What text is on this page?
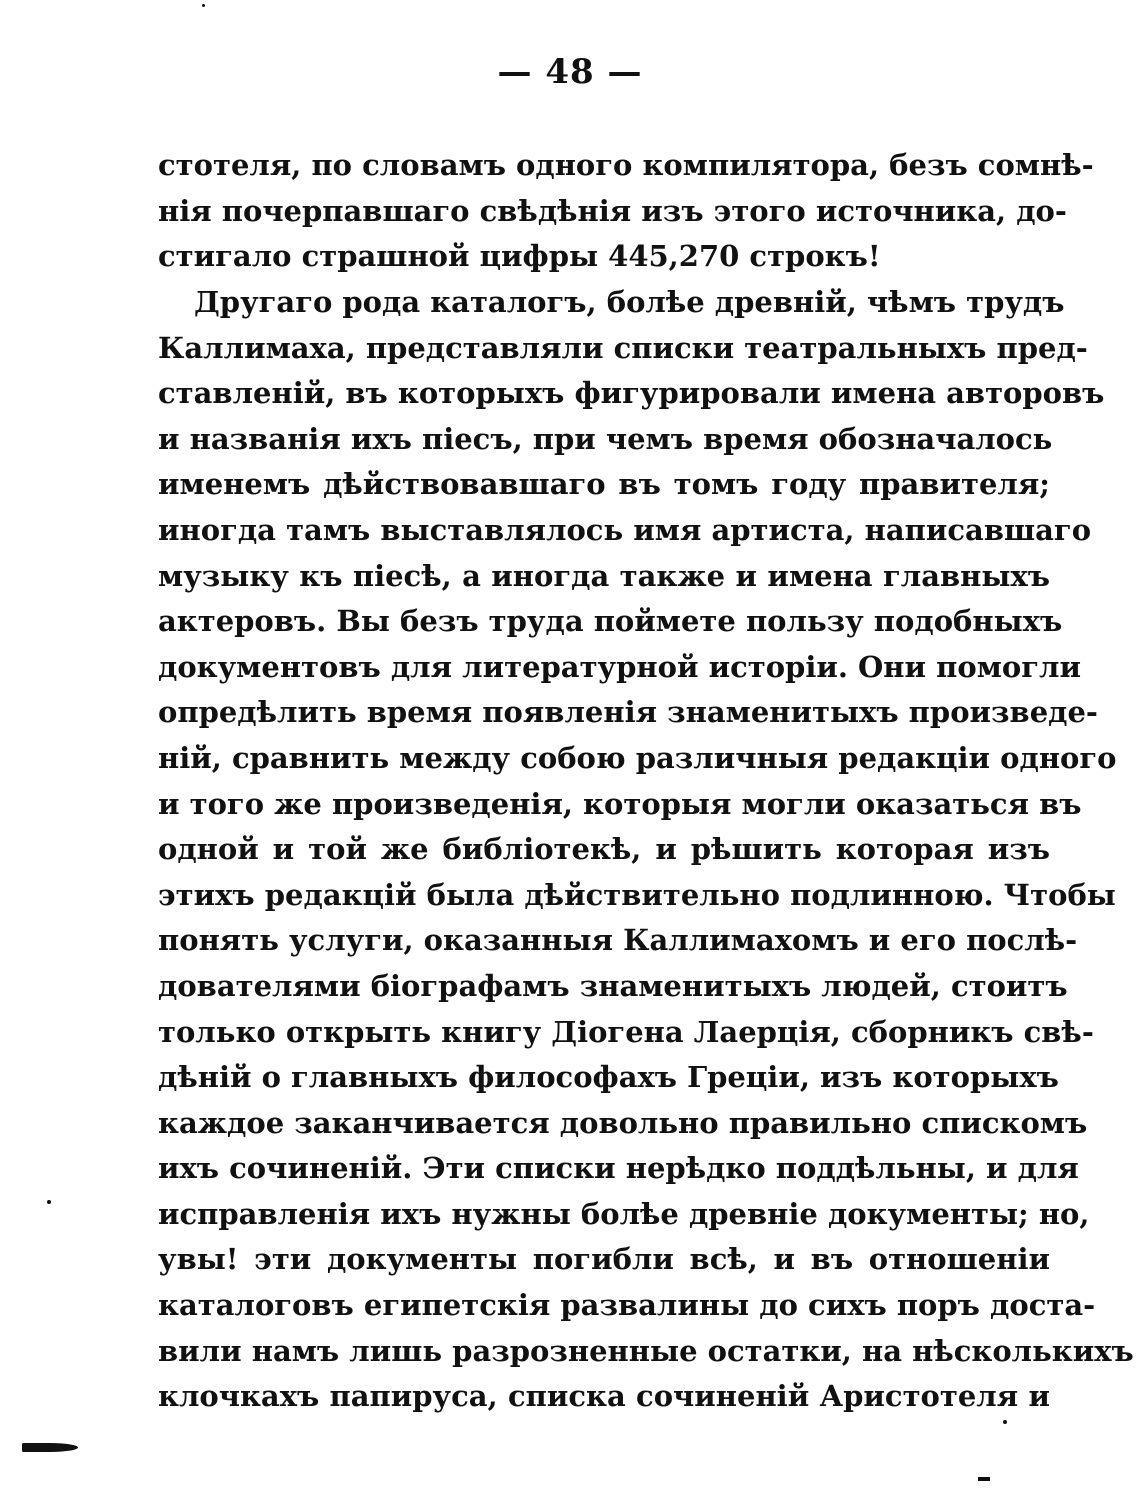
— 48 —

стотеля, по словамъ одного компилятора, безъ сомнѣ-
нія почерпавшаго свѣдѣнія изъ этого источника, до-
стигало страшной цифры 445,270 строкъ!

Другаго рода каталогъ, болѣе древній, чѣмъ трудъ
Каллимаха, представляли списки театральныхъ пред-
ставленій, въ которыхъ фигурировали имена авторовъ
и названія ихъ піесъ, при чемъ время обозначалось
именемъ дѣйствовавшаго въ томъ году правителя;
иногда тамъ выставлялось имя артиста, написавшаго
музыку къ піесѣ, а иногда также и имена главныхъ
актеровъ. Вы безъ труда поймете пользу подобныхъ
документовъ для литературной исторіи. Они помогли
опредѣлить время появленія знаменитыхъ произведе-
ній, сравнить между собою различныя редакціи одного
и того же произведенія, которыя могли оказаться въ
одной и той же библіотекѣ, и рѣшить которая изъ
этихъ редакцій была дѣйствительно подлинною. Чтобы
понять услуги, оказанныя Каллимахомъ и его послѣ-
дователями біографамъ знаменитыхъ людей, стоитъ
только открыть книгу Діогена Лаерція, сборникъ свѣ-
дѣній о главныхъ философахъ Греціи, изъ которыхъ
каждое заканчивается довольно правильно спискомъ
ихъ сочиненій. Эти списки нерѣдко поддѣльны, и для
исправленія ихъ нужны болѣе древніе документы; но,
увы! эти документы погибли всѣ, и въ отношеніи
каталоговъ египетскія развалины до сихъ поръ доста-
вили намъ лишь разрозненные остатки, на нѣсколькихъ
клочкахъ папируса, списка сочиненій Аристотеля и
